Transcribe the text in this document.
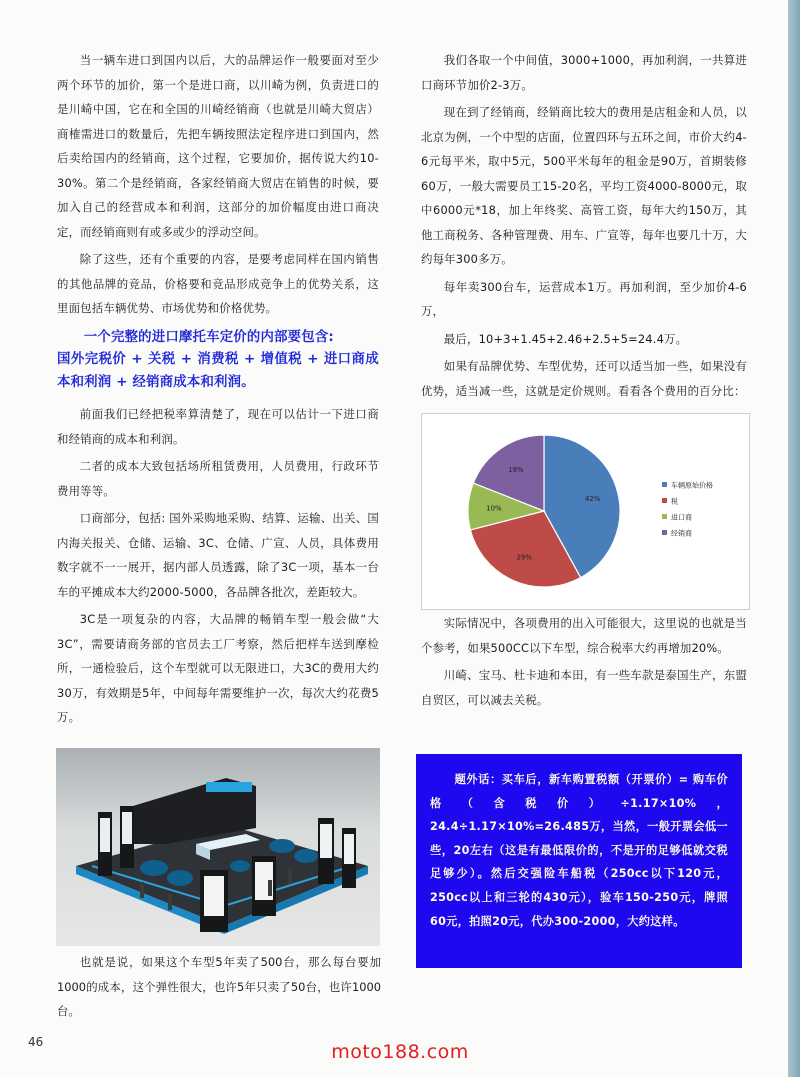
当一辆车进口到国内以后，大的品牌运作一般要面对至少两个环节的加价，第一个是进口商，以川崎为例，负责进口的是川崎中国，它在和全国的川崎经销商（也就是川崎大贸店）商榷需进口的数量后，先把车辆按照法定程序进口到国内，然后卖给国内的经销商，这个过程，它要加价，据传说大约10-30%。第二个是经销商，各家经销商大贸店在销售的时候，要加入自己的经营成本和利润，这部分的加价幅度由进口商决定，而经销商则有或多或少的浮动空间。

除了这些，还有个重要的内容，是要考虑同样在国内销售的其他品牌的竞品，价格要和竞品形成竞争上的优势关系，这里面包括车辆优势、市场优势和价格优势。

一个完整的进口摩托车定价的内部要包含:
国外完税价 + 关税 + 消费税 + 增值税 + 进口商成本和利润 + 经销商成本和利润。

前面我们已经把税率算清楚了，现在可以估计一下进口商和经销商的成本和利润。

二者的成本大致包括场所租赁费用，人员费用，行政环节费用等等。

口商部分，包括: 国外采购地采购、结算、运输、出关、国内海关报关、仓储、运输、3C、仓储、广宣、人员，具体费用数字就不一一展开，据内部人员透露，除了3C一项，基本一台车的平摊成本大约2000-5000，各品牌各批次，差距较大。

3C是一项复杂的内容，大品牌的畅销车型一般会做“大3C”，需要请商务部的官员去工厂考察，然后把样车送到摩检所，一通检验后，这个车型就可以无限进口，大3C的费用大约30万，有效期是5年，中间每年需要维护一次，每次大约花费5万。

我们各取一个中间值，3000+1000，再加利润，一共算进口商环节加价2-3万。

现在到了经销商，经销商比较大的费用是店租金和人员，以北京为例，一个中型的店面，位置四环与五环之间，市价大约4-6元每平米，取中5元，500平米每年的租金是90万，首期装修60万，一般大需要员工15-20名，平均工资4000-8000元，取中6000元*18，加上年终奖、高管工资，每年大约150万，其他工商税务、各种管理费、用车、广宣等，每年也要几十万，大约每年300多万。

每年卖300台车，运营成本1万。再加利润，至少加价4-6万，

最后，10+3+1.45+2.46+2.5+5=24.4万。

如果有品牌优势、车型优势，还可以适当加一些，如果没有优势，适当减一些，这就是定价规则。看看各个费用的百分比：

42%
29%
10%
19%
车辆原始价格
税
进口商
经销商

实际情况中，各项费用的出入可能很大，这里说的也就是当个参考，如果500CC以下车型，综合税率大约再增加20%。

川崎、宝马、杜卡迪和本田，有一些车款是泰国生产，东盟自贸区，可以减去关税。

也就是说，如果这个车型5年卖了500台，那么每台要加1000的成本，这个弹性很大，也许5年只卖了50台，也许1000台。

题外话：买车后，新车购置税额（开票价）= 购车价格（含税价）÷1.17×10%，24.4÷1.17×10%=26.485万，当然，一般开票会低一些，20左右（这是有最低限价的，不是开的足够低就交税足够少）。然后交强险车船税（250cc以下120元，250cc以上和三轮的430元），验车150-250元，牌照60元，拍照20元，代办300-2000，大约这样。
46	moto188.com
